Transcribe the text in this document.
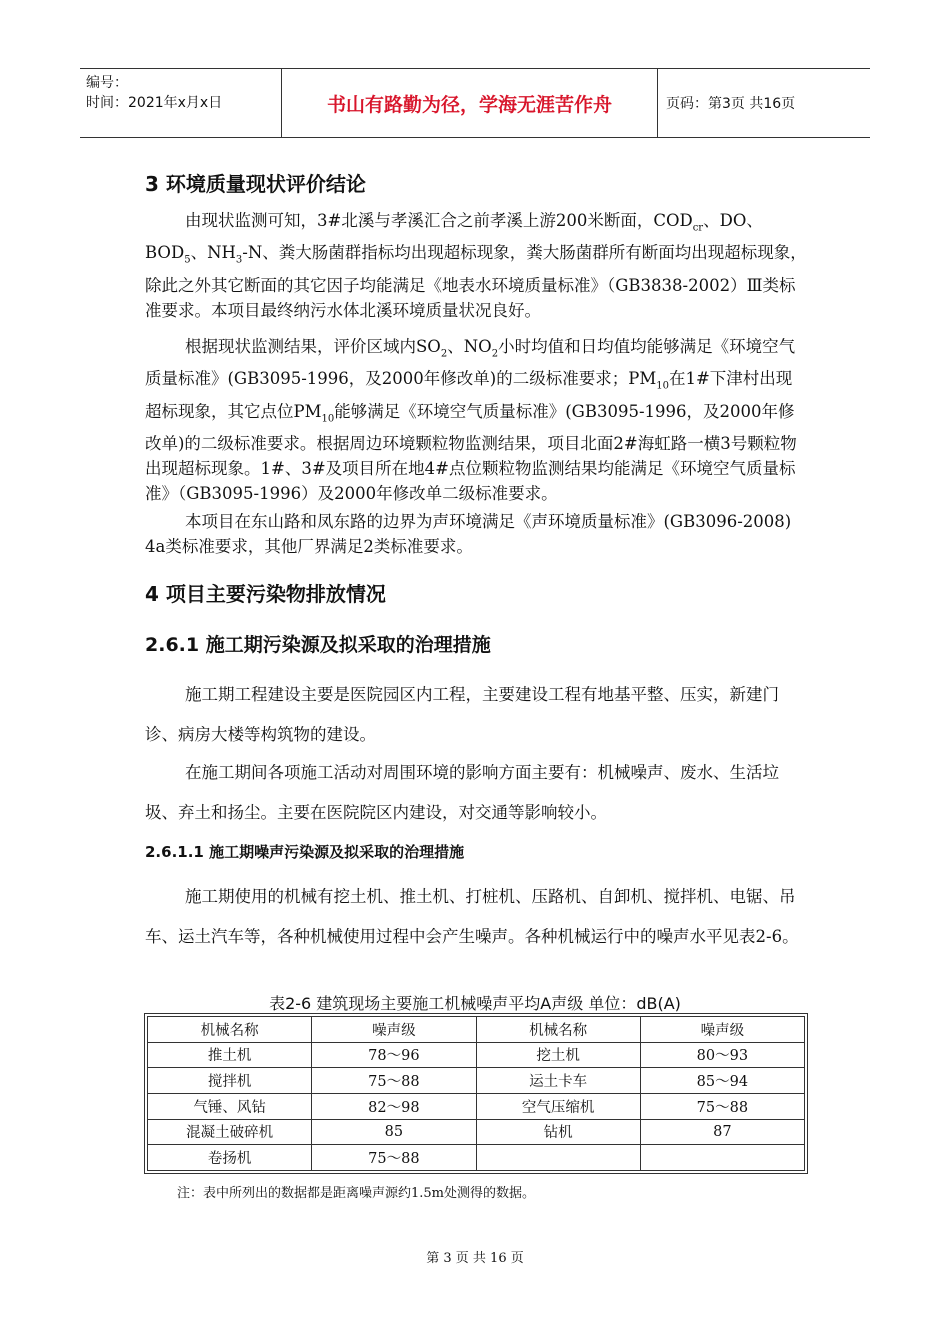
编号：
时间：2021年x月x日	书山有路勤为径，学海无涯苦作舟	页码：第3页 共16页
3 环境质量现状评价结论

由现状监测可知，3#北溪与孝溪汇合之前孝溪上游200米断面，$COD_{cr}$、DO、$BOD_5$、$NH_3-N$、粪大肠菌群指标均出现超标现象，粪大肠菌群所有断面均出现超标现象，除此之外其它断面的其它因子均能满足《地表水环境质量标准》（GB3838-2002）Ⅲ类标准要求。本项目最终纳污水体北溪环境质量状况良好。

根据现状监测结果，评价区域内$SO_2$、$NO_2$小时均值和日均值均能够满足《环境空气质量标准》(GB3095-1996，及2000年修改单)的二级标准要求；$PM_{10}$在1#下津村出现超标现象，其它点位$PM_{10}$能够满足《环境空气质量标准》(GB3095-1996，及2000年修改单)的二级标准要求。根据周边环境颗粒物监测结果，项目北面2#海虹路一横3号颗粒物出现超标现象。1#、3#及项目所在地4#点位颗粒物监测结果均能满足《环境空气质量标准》（GB3095-1996）及2000年修改单二级标准要求。

本项目在东山路和凤东路的边界为声环境满足《声环境质量标准》(GB3096-2008) 4a类标准要求，其他厂界满足2类标准要求。

4 项目主要污染物排放情况
2.6.1 施工期污染源及拟采取的治理措施

施工期工程建设主要是医院园区内工程，主要建设工程有地基平整、压实，新建门诊、病房大楼等构筑物的建设。

在施工期间各项施工活动对周围环境的影响方面主要有：机械噪声、废水、生活垃圾、弃土和扬尘。主要在医院院区内建设，对交通等影响较小。

2.6.1.1 施工期噪声污染源及拟采取的治理措施

施工期使用的机械有挖土机、推土机、打桩机、压路机、自卸机、搅拌机、电锯、吊车、运土汽车等，各种机械使用过程中会产生噪声。各种机械运行中的噪声水平见表2-6。

表2-6 建筑现场主要施工机械噪声平均A声级 单位：dB(A)
机械名称	噪声级	机械名称	噪声级
推土机	78～96	挖土机	80～93
搅拌机	75～88	运土卡车	85～94
气锤、风钻	82～98	空气压缩机	75～88
混凝土破碎机	85	钻机	87
卷扬机	75～88		
注：表中所列出的数据都是距离噪声源约1.5m处测得的数据。
第 3 页 共 16 页
